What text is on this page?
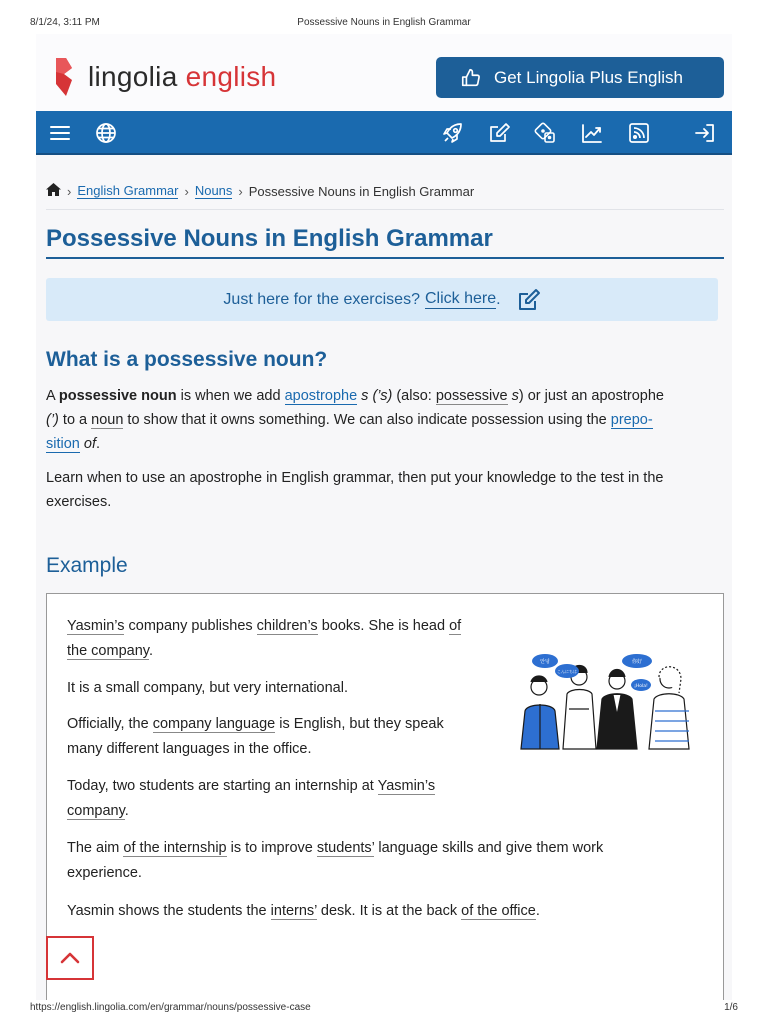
8/1/24, 3:11 PM	Possessive Nouns in English Grammar
lingolia english	Get Lingolia Plus English
› English Grammar › Nouns › Possessive Nouns in English Grammar
Possessive Nouns in English Grammar
Just here for the exercises? Click here .
What is a possessive noun?

A possessive noun is when we add apostrophe s (’s) (also: possessive s) or just an apostrophe
(’) to a noun to show that it owns something. We can also indicate possession using the prepo-
sition of.

Learn when to use an apostrophe in English grammar, then put your knowledge to the test in the exercises.

Example

Yasmin’s company publishes children’s books. She is head of
the company.

It is a small company, but very international.

Officially, the company language is English, but they speak
many different languages in the office.

Today, two students are starting an internship at Yasmin’s
company.

The aim of the internship is to improve students’ language skills and give them work
experience.

Yasmin shows the students the interns’ desk. It is at the back of the office.

안녕
こんにちは
你好
¡Hola!
https://english.lingolia.com/en/grammar/nouns/possessive-case	1/6
